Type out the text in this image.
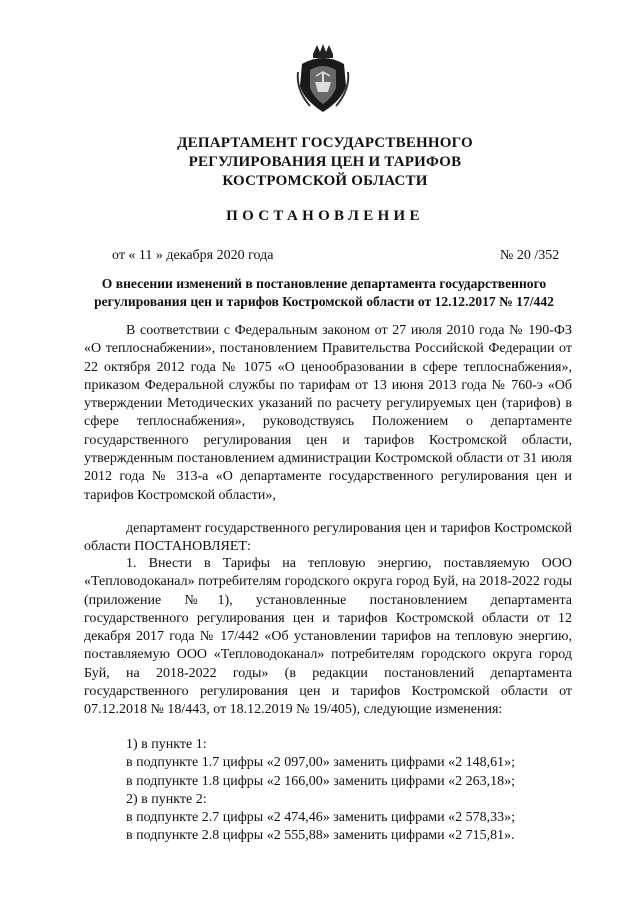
ДЕПАРТАМЕНТ ГОСУДАРСТВЕННОГО
РЕГУЛИРОВАНИЯ ЦЕН И ТАРИФОВ
КОСТРОМСКОЙ ОБЛАСТИ
ПОСТАНОВЛЕНИЕ
от « 11 » декабря 2020 года	№ 20 /352
О внесении изменений в постановление департамента государственного
регулирования цен и тарифов Костромской области от 12.12.2017 № 17/442

В соответствии с Федеральным законом от 27 июля 2010 года № 190-ФЗ «О теплоснабжении», постановлением Правительства Российской Федерации от 22 октября 2012 года № 1075 «О ценообразовании в сфере теплоснабжения», приказом Федеральной службы по тарифам от 13 июня 2013 года № 760-э «Об утверждении Методических указаний по расчету регулируемых цен (тарифов) в сфере теплоснабжения», руководствуясь Положением о департаменте государственного регулирования цен и тарифов Костромской области, утвержденным постановлением администрации Костромской области от 31 июля 2012 года № 313-а «О департаменте государственного регулирования цен и тарифов Костромской области»,

департамент государственного регулирования цен и тарифов Костромской области ПОСТАНОВЛЯЕТ:

1. Внести в Тарифы на тепловую энергию, поставляемую ООО «Тепловодоканал» потребителям городского округа город Буй, на 2018-2022 годы (приложение №1), установленные постановлением департамента государственного регулирования цен и тарифов Костромской области от 12 декабря 2017 года № 17/442 «Об установлении тарифов на тепловую энергию, поставляемую ООО «Тепловодоканал» потребителям городского округа город Буй, на 2018-2022 годы» (в редакции постановлений департамента государственного регулирования цен и тарифов Костромской области от 07.12.2018 № 18/443, от 18.12.2019 № 19/405), следующие изменения:

1) в пункте 1:

в подпункте 1.7 цифры «2 097,00» заменить цифрами «2 148,61»;

в подпункте 1.8 цифры «2 166,00» заменить цифрами «2 263,18»;

2) в пункте 2:

в подпункте 2.7 цифры «2 474,46» заменить цифрами «2 578,33»;

в подпункте 2.8 цифры «2 555,88» заменить цифрами «2 715,81».
